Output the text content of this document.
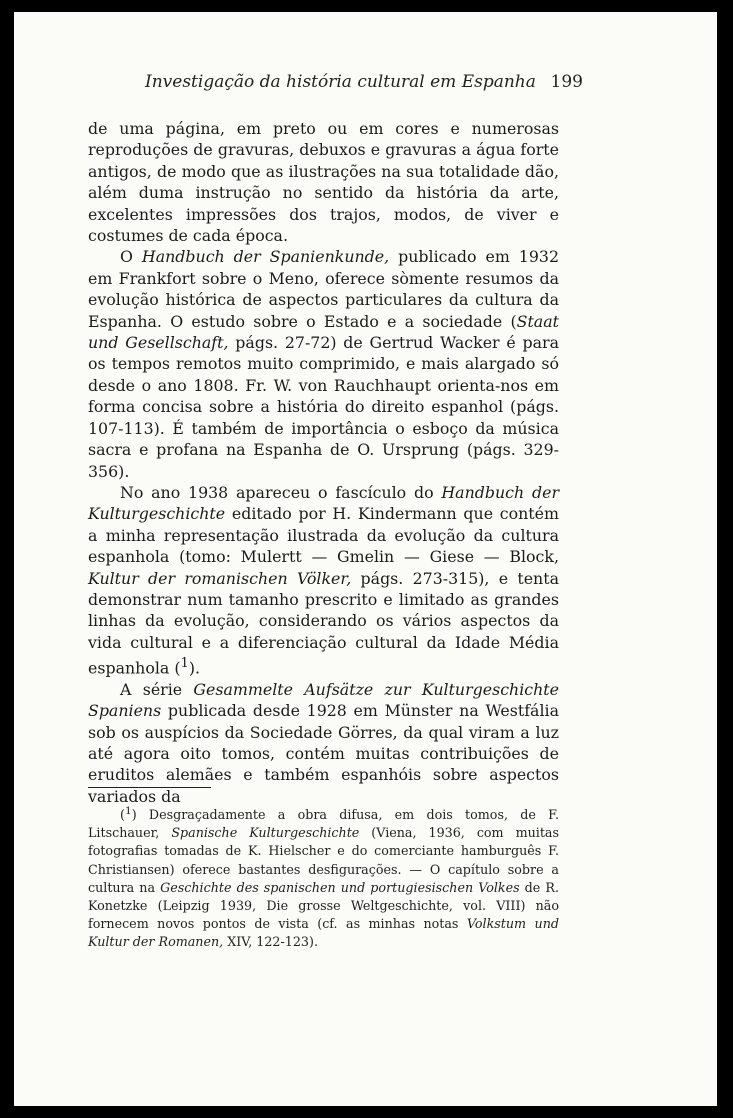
Investigação da história cultural em Espanha 199

de uma página, em preto ou em cores e numerosas reproduções de gravuras, debuxos e gravuras a água forte antigos, de modo que as ilustrações na sua totalidade dão, além duma instrução no sentido da história da arte, excelentes impressões dos trajos, modos, de viver e costumes de cada época.

O Handbuch der Spanienkunde, publicado em 1932 em Frankfort sobre o Meno, oferece sòmente resumos da evolução histórica de aspectos particulares da cultura da Espanha. O estudo sobre o Estado e a sociedade (Staat und Gesellschaft, págs. 27-72) de Gertrud Wacker é para os tempos remotos muito comprimido, e mais alargado só desde o ano 1808. Fr. W. von Rauchhaupt orienta-nos em forma concisa sobre a história do direito espanhol (págs. 107-113). É também de importância o esboço da música sacra e profana na Espanha de O. Ursprung (págs. 329-356).

No ano 1938 apareceu o fascículo do Handbuch der Kulturgeschichte editado por H. Kindermann que contém a minha representação ilustrada da evolução da cultura espanhola (tomo: Mulertt — Gmelin — Giese — Block, Kultur der romanischen Völker, págs. 273-315), e tenta demonstrar num tamanho prescrito e limitado as grandes linhas da evolução, considerando os vários aspectos da vida cultural e a diferenciação cultural da Idade Média espanhola ($^1$).

A série Gesammelte Aufsätze zur Kulturgeschichte Spaniens publicada desde 1928 em Münster na Westfália sob os auspícios da Sociedade Görres, da qual viram a luz até agora oito tomos, contém muitas contribuições de eruditos alemães e também espanhóis sobre aspectos variados da

($^1$) Desgraçadamente a obra difusa, em dois tomos, de F. Litschauer, Spanische Kulturgeschichte (Viena, 1936, com muitas fotografias tomadas de K. Hielscher e do comerciante hamburguês F. Christiansen) oferece bastantes desfigurações. — O capítulo sobre a cultura na Geschichte des spanischen und portugiesischen Volkes de R. Konetzke (Leipzig 1939, Die grosse Weltgeschichte, vol. VIII) não fornecem novos pontos de vista (cf. as minhas notas Volkstum und Kultur der Romanen, XIV, 122-123).
